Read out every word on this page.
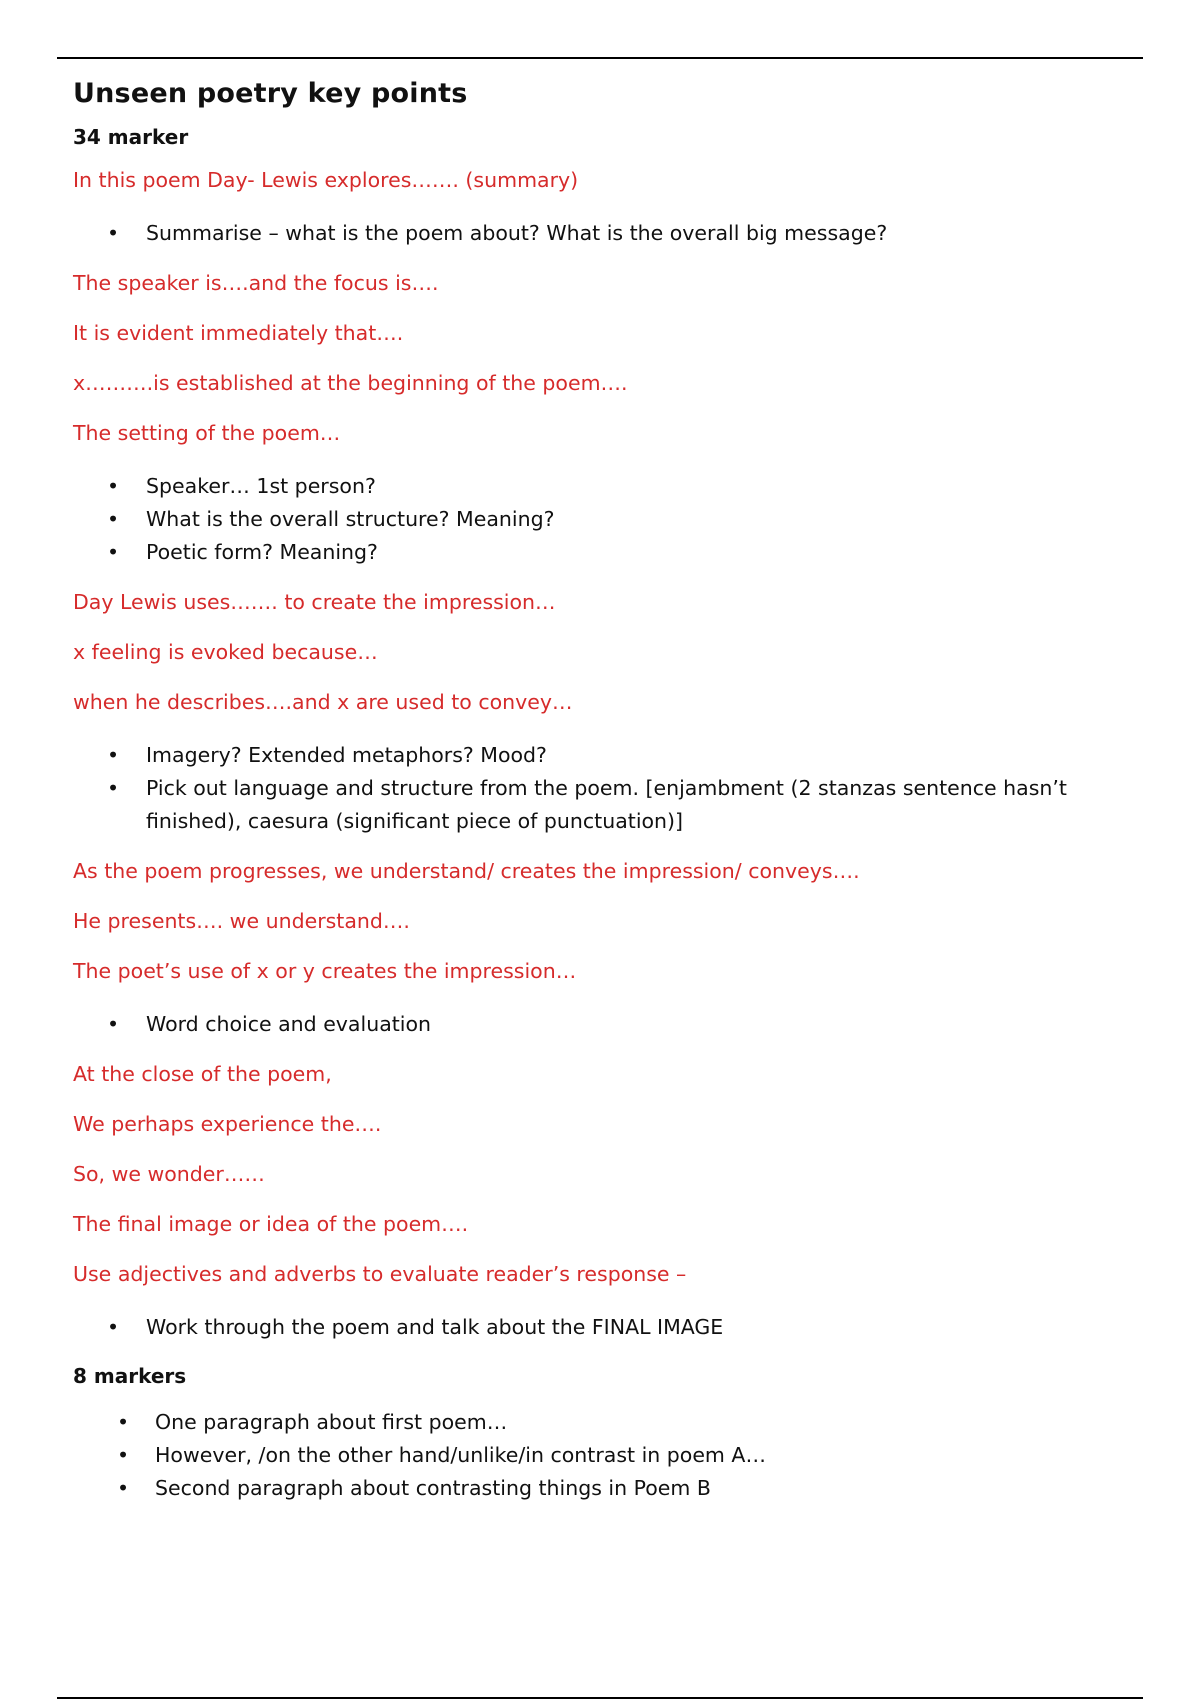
Unseen poetry key points
34 marker

In this poem Day- Lewis explores……. (summary)

• Summarise – what is the poem about? What is the overall big message?

The speaker is….and the focus is….

It is evident immediately that….

x……….is established at the beginning of the poem….

The setting of the poem…

• Speaker… 1st person?
• What is the overall structure? Meaning?
• Poetic form? Meaning?

Day Lewis uses……. to create the impression…

x feeling is evoked because…

when he describes….and x are used to convey…

• Imagery? Extended metaphors? Mood?
• Pick out language and structure from the poem. [enjambment (2 stanzas sentence hasn’t finished), caesura (significant piece of punctuation)]

As the poem progresses, we understand/ creates the impression/ conveys….

He presents…. we understand….

The poet’s use of x or y creates the impression…

• Word choice and evaluation

At the close of the poem,

We perhaps experience the….

So, we wonder……

The final image or idea of the poem….

Use adjectives and adverbs to evaluate reader’s response –

• Work through the poem and talk about the FINAL IMAGE
8 markers
• One paragraph about first poem…
• However, /on the other hand/unlike/in contrast in poem A…
• Second paragraph about contrasting things in Poem B
